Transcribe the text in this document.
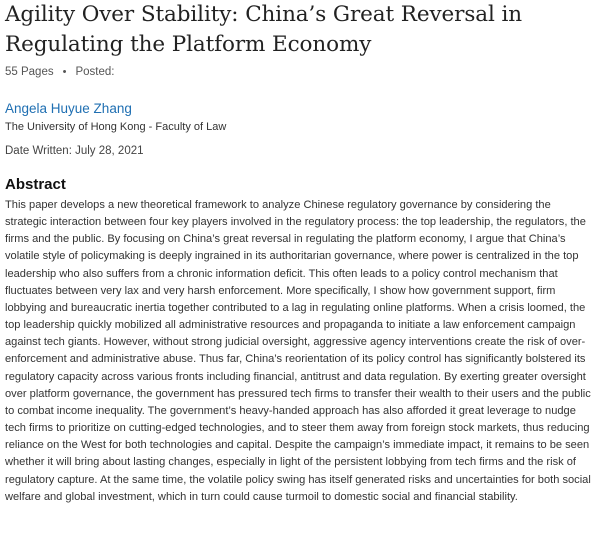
Agility Over Stability: China’s Great Reversal in Regulating the Platform Economy
55 Pages • Posted:
Angela Huyue Zhang
The University of Hong Kong - Faculty of Law
Date Written: July 28, 2021
Abstract

This paper develops a new theoretical framework to analyze Chinese regulatory governance by considering the strategic interaction between four key players involved in the regulatory process: the top leadership, the regulators, the firms and the public. By focusing on China’s great reversal in regulating the platform economy, I argue that China’s volatile style of policymaking is deeply ingrained in its authoritarian governance, where power is centralized in the top leadership who also suffers from a chronic information deficit. This often leads to a policy control mechanism that fluctuates between very lax and very harsh enforcement. More specifically, I show how government support, firm lobbying and bureaucratic inertia together contributed to a lag in regulating online platforms. When a crisis loomed, the top leadership quickly mobilized all administrative resources and propaganda to initiate a law enforcement campaign against tech giants. However, without strong judicial oversight, aggressive agency interventions create the risk of over-enforcement and administrative abuse. Thus far, China’s reorientation of its policy control has significantly bolstered its regulatory capacity across various fronts including financial, antitrust and data regulation. By exerting greater oversight over platform governance, the government has pressured tech firms to transfer their wealth to their users and the public to combat income inequality. The government’s heavy-handed approach has also afforded it great leverage to nudge tech firms to prioritize on cutting-edged technologies, and to steer them away from foreign stock markets, thus reducing reliance on the West for both technologies and capital. Despite the campaign’s immediate impact, it remains to be seen whether it will bring about lasting changes, especially in light of the persistent lobbying from tech firms and the risk of regulatory capture. At the same time, the volatile policy swing has itself generated risks and uncertainties for both social welfare and global investment, which in turn could cause turmoil to domestic social and financial stability.
